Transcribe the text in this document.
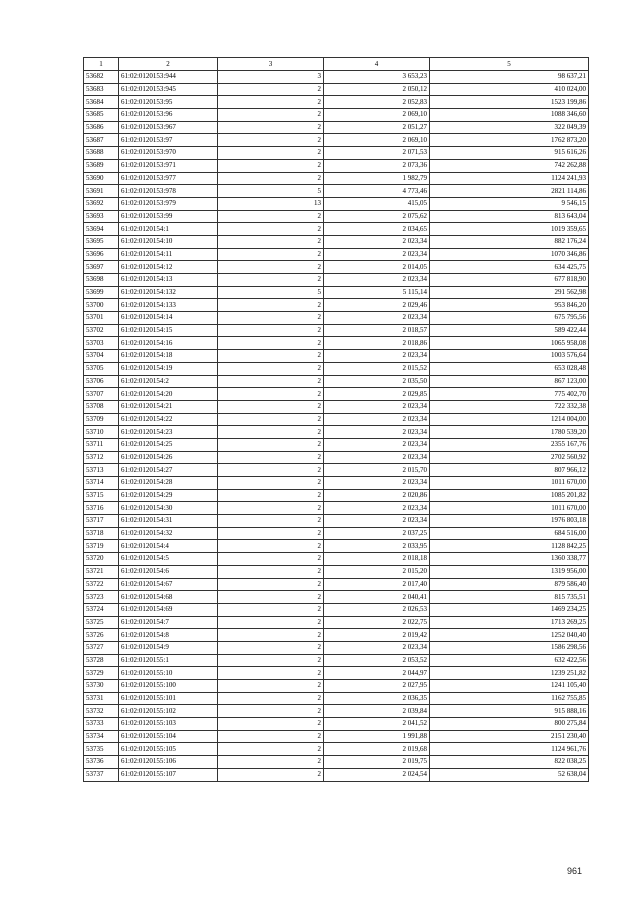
1	2	3	4	5
53682	61:02:0120153:944	3	3 653,23	98 637,21
53683	61:02:0120153:945	2	2 050,12	410 024,00
53684	61:02:0120153:95	2	2 052,83	1523 199,86
53685	61:02:0120153:96	2	2 069,10	1088 346,60
53686	61:02:0120153:967	2	2 051,27	322 049,39
53687	61:02:0120153:97	2	2 069,10	1762 873,20
53688	61:02:0120153:970	2	2 071,53	915 616,26
53689	61:02:0120153:971	2	2 073,36	742 262,88
53690	61:02:0120153:977	2	1 982,79	1124 241,93
53691	61:02:0120153:978	5	4 773,46	2821 114,86
53692	61:02:0120153:979	13	415,05	9 546,15
53693	61:02:0120153:99	2	2 075,62	813 643,04
53694	61:02:0120154:1	2	2 034,65	1019 359,65
53695	61:02:0120154:10	2	2 023,34	882 176,24
53696	61:02:0120154:11	2	2 023,34	1070 346,86
53697	61:02:0120154:12	2	2 014,05	634 425,75
53698	61:02:0120154:13	2	2 023,34	677 818,90
53699	61:02:0120154:132	5	5 115,14	291 562,98
53700	61:02:0120154:133	2	2 029,46	953 846,20
53701	61:02:0120154:14	2	2 023,34	675 795,56
53702	61:02:0120154:15	2	2 018,57	589 422,44
53703	61:02:0120154:16	2	2 018,86	1065 958,08
53704	61:02:0120154:18	2	2 023,34	1003 576,64
53705	61:02:0120154:19	2	2 015,52	653 028,48
53706	61:02:0120154:2	2	2 035,50	867 123,00
53707	61:02:0120154:20	2	2 029,85	775 402,70
53708	61:02:0120154:21	2	2 023,34	722 332,38
53709	61:02:0120154:22	2	2 023,34	1214 004,00
53710	61:02:0120154:23	2	2 023,34	1780 539,20
53711	61:02:0120154:25	2	2 023,34	2355 167,76
53712	61:02:0120154:26	2	2 023,34	2702 560,92
53713	61:02:0120154:27	2	2 015,70	807 966,12
53714	61:02:0120154:28	2	2 023,34	1011 670,00
53715	61:02:0120154:29	2	2 020,86	1085 201,82
53716	61:02:0120154:30	2	2 023,34	1011 670,00
53717	61:02:0120154:31	2	2 023,34	1976 803,18
53718	61:02:0120154:32	2	2 037,25	684 516,00
53719	61:02:0120154:4	2	2 033,95	1128 842,25
53720	61:02:0120154:5	2	2 018,18	1360 338,77
53721	61:02:0120154:6	2	2 015,20	1319 956,00
53722	61:02:0120154:67	2	2 017,40	879 586,40
53723	61:02:0120154:68	2	2 040,41	815 735,51
53724	61:02:0120154:69	2	2 026,53	1469 234,25
53725	61:02:0120154:7	2	2 022,75	1713 269,25
53726	61:02:0120154:8	2	2 019,42	1252 040,40
53727	61:02:0120154:9	2	2 023,34	1586 298,56
53728	61:02:0120155:1	2	2 053,52	632 422,56
53729	61:02:0120155:10	2	2 044,97	1239 251,82
53730	61:02:0120155:100	2	2 027,95	1241 105,40
53731	61:02:0120155:101	2	2 036,35	1162 755,85
53732	61:02:0120155:102	2	2 039,84	915 888,16
53733	61:02:0120155:103	2	2 041,52	800 275,84
53734	61:02:0120155:104	2	1 991,88	2151 230,40
53735	61:02:0120155:105	2	2 019,68	1124 961,76
53736	61:02:0120155:106	2	2 019,75	822 038,25
53737	61:02:0120155:107	2	2 024,54	52 638,04
961
